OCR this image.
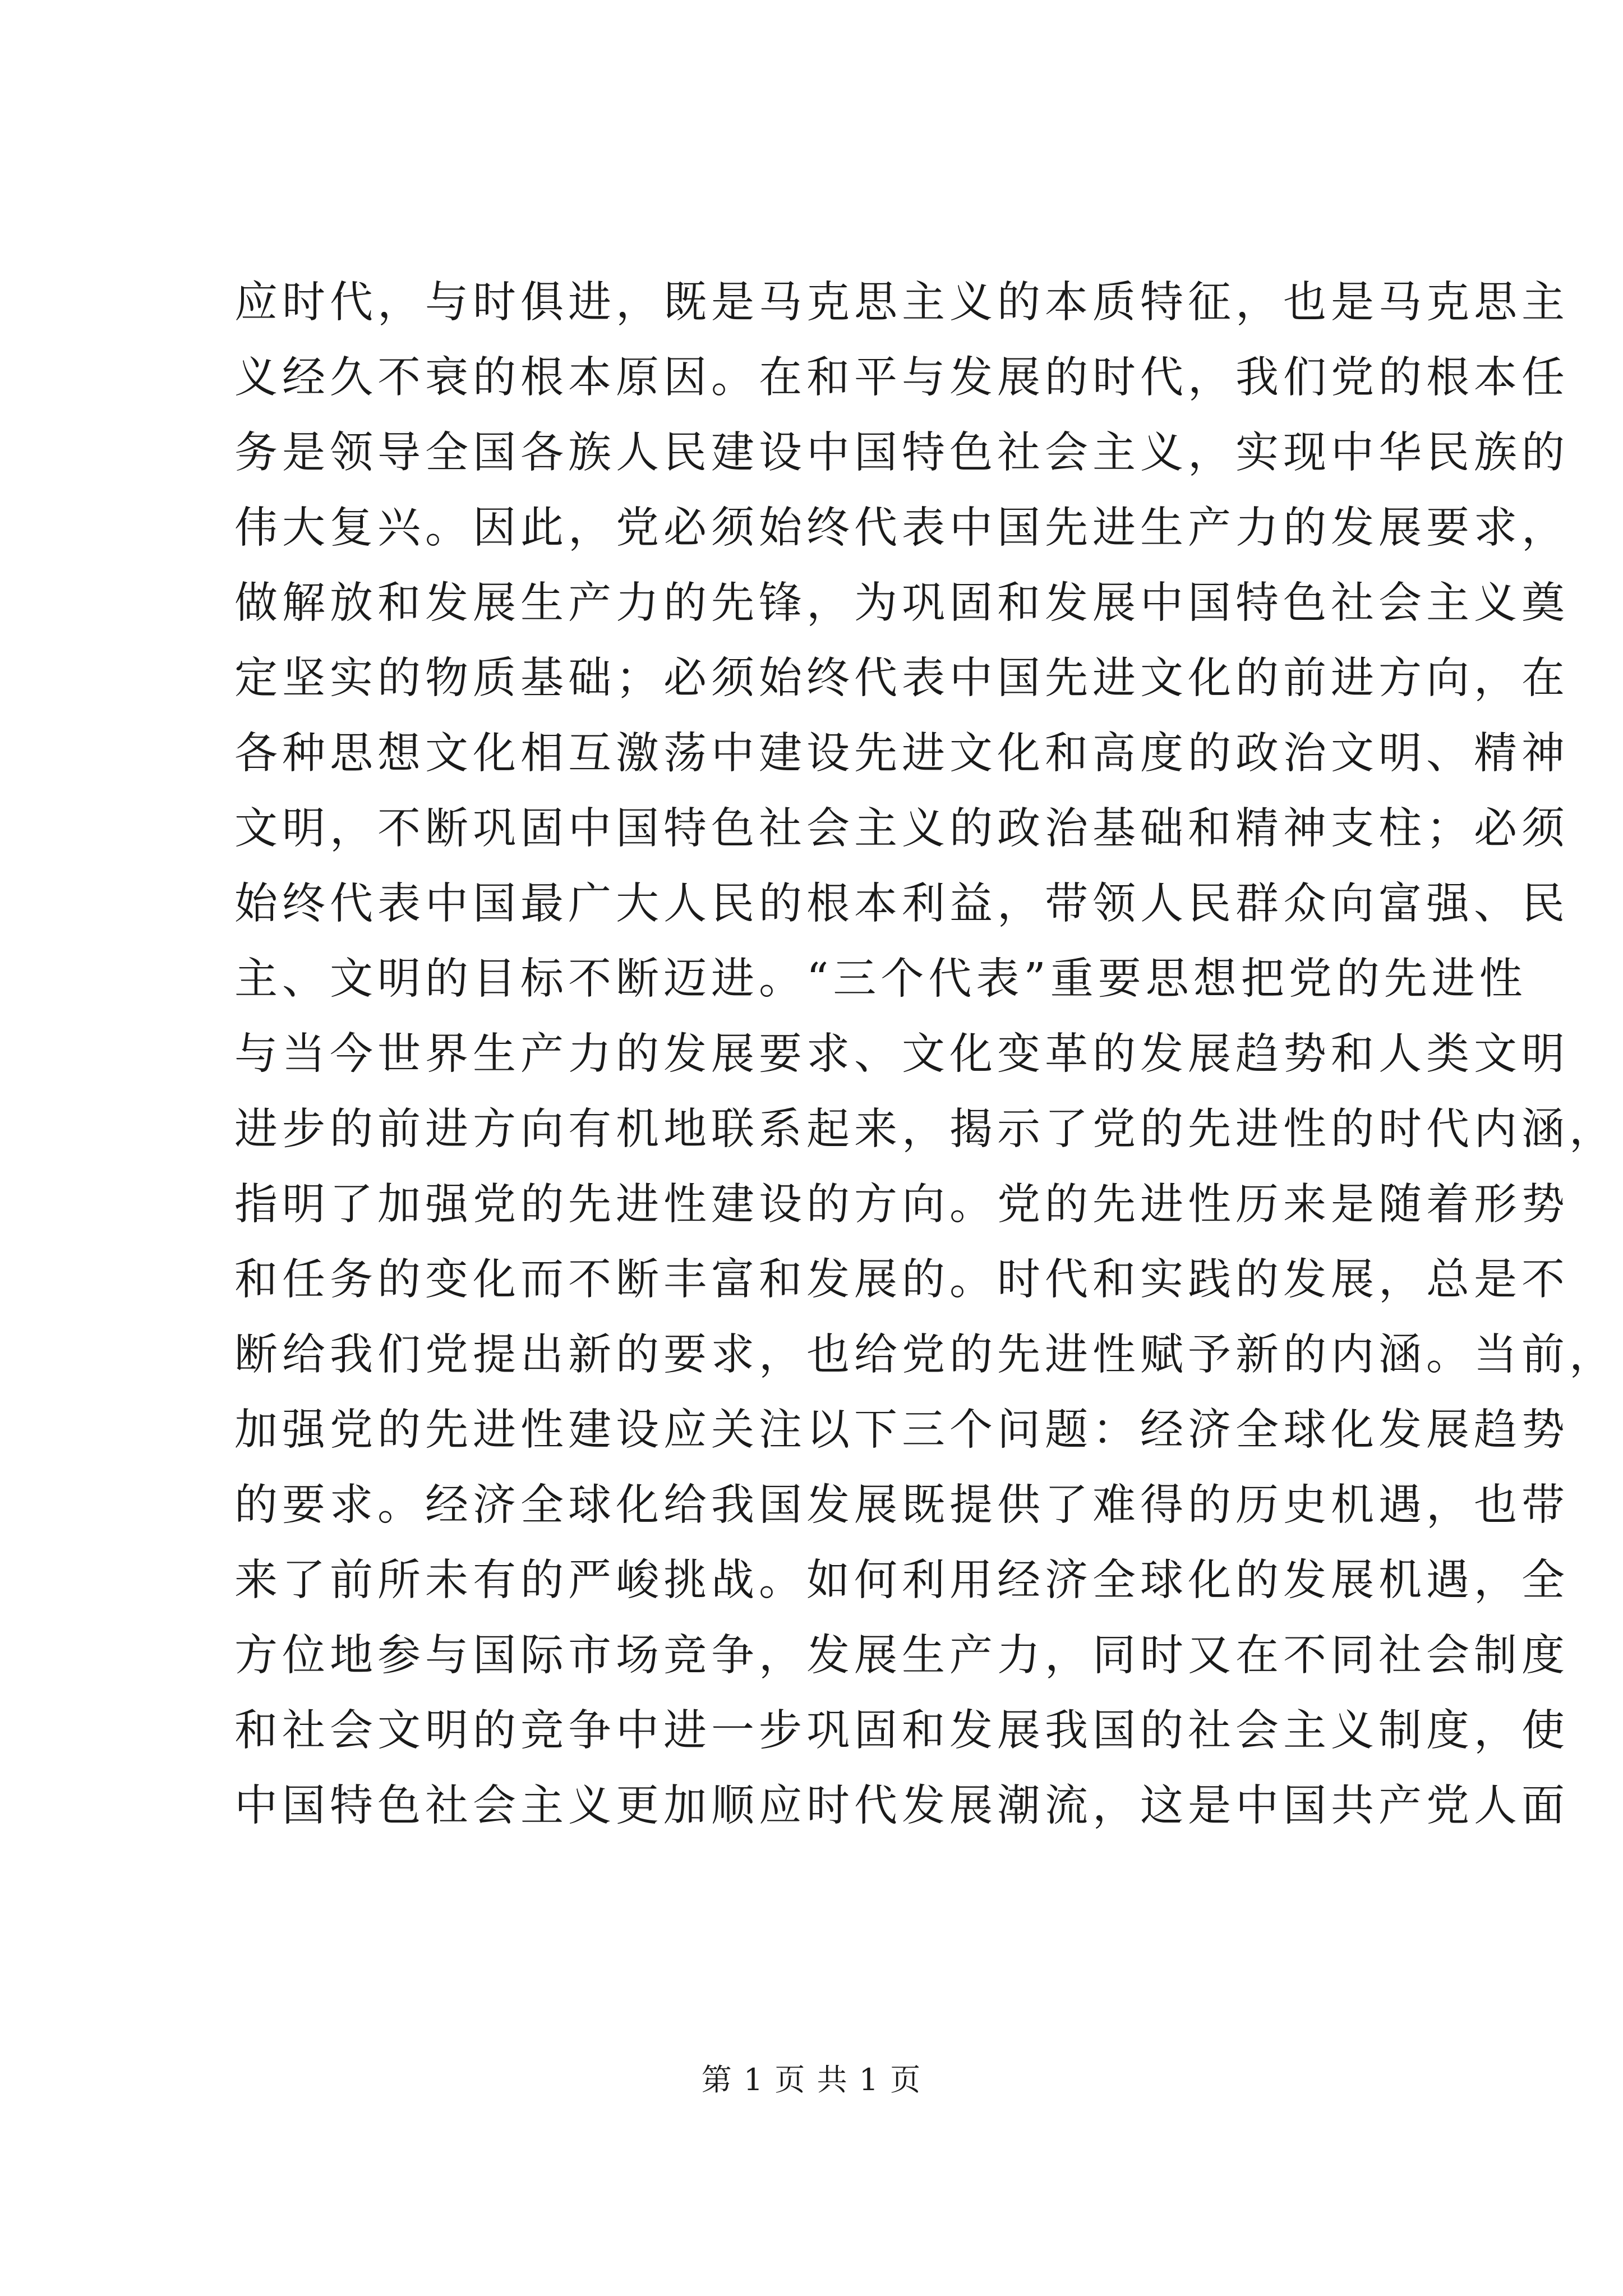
应时代，与时俱进，既是马克思主义的本质特征，也是马克思主
义经久不衰的根本原因。在和平与发展的时代，我们党的根本任
务是领导全国各族人民建设中国特色社会主义，实现中华民族的
伟大复兴。因此，党必须始终代表中国先进生产力的发展要求，
做解放和发展生产力的先锋，为巩固和发展中国特色社会主义奠
定坚实的物质基础；必须始终代表中国先进文化的前进方向，在
各种思想文化相互激荡中建设先进文化和高度的政治文明、精神
文明，不断巩固中国特色社会主义的政治基础和精神支柱；必须
始终代表中国最广大人民的根本利益，带领人民群众向富强、民
主、文明的目标不断迈进。“三个代表”重要思想把党的先进性
与当今世界生产力的发展要求、文化变革的发展趋势和人类文明
进步的前进方向有机地联系起来，揭示了党的先进性的时代内涵，
指明了加强党的先进性建设的方向。党的先进性历来是随着形势
和任务的变化而不断丰富和发展的。时代和实践的发展，总是不
断给我们党提出新的要求，也给党的先进性赋予新的内涵。当前，
加强党的先进性建设应关注以下三个问题：经济全球化发展趋势
的要求。经济全球化给我国发展既提供了难得的历史机遇，也带
来了前所未有的严峻挑战。如何利用经济全球化的发展机遇，全
方位地参与国际市场竞争，发展生产力，同时又在不同社会制度
和社会文明的竞争中进一步巩固和发展我国的社会主义制度，使
中国特色社会主义更加顺应时代发展潮流，这是中国共产党人面
第 1 页 共 1 页
